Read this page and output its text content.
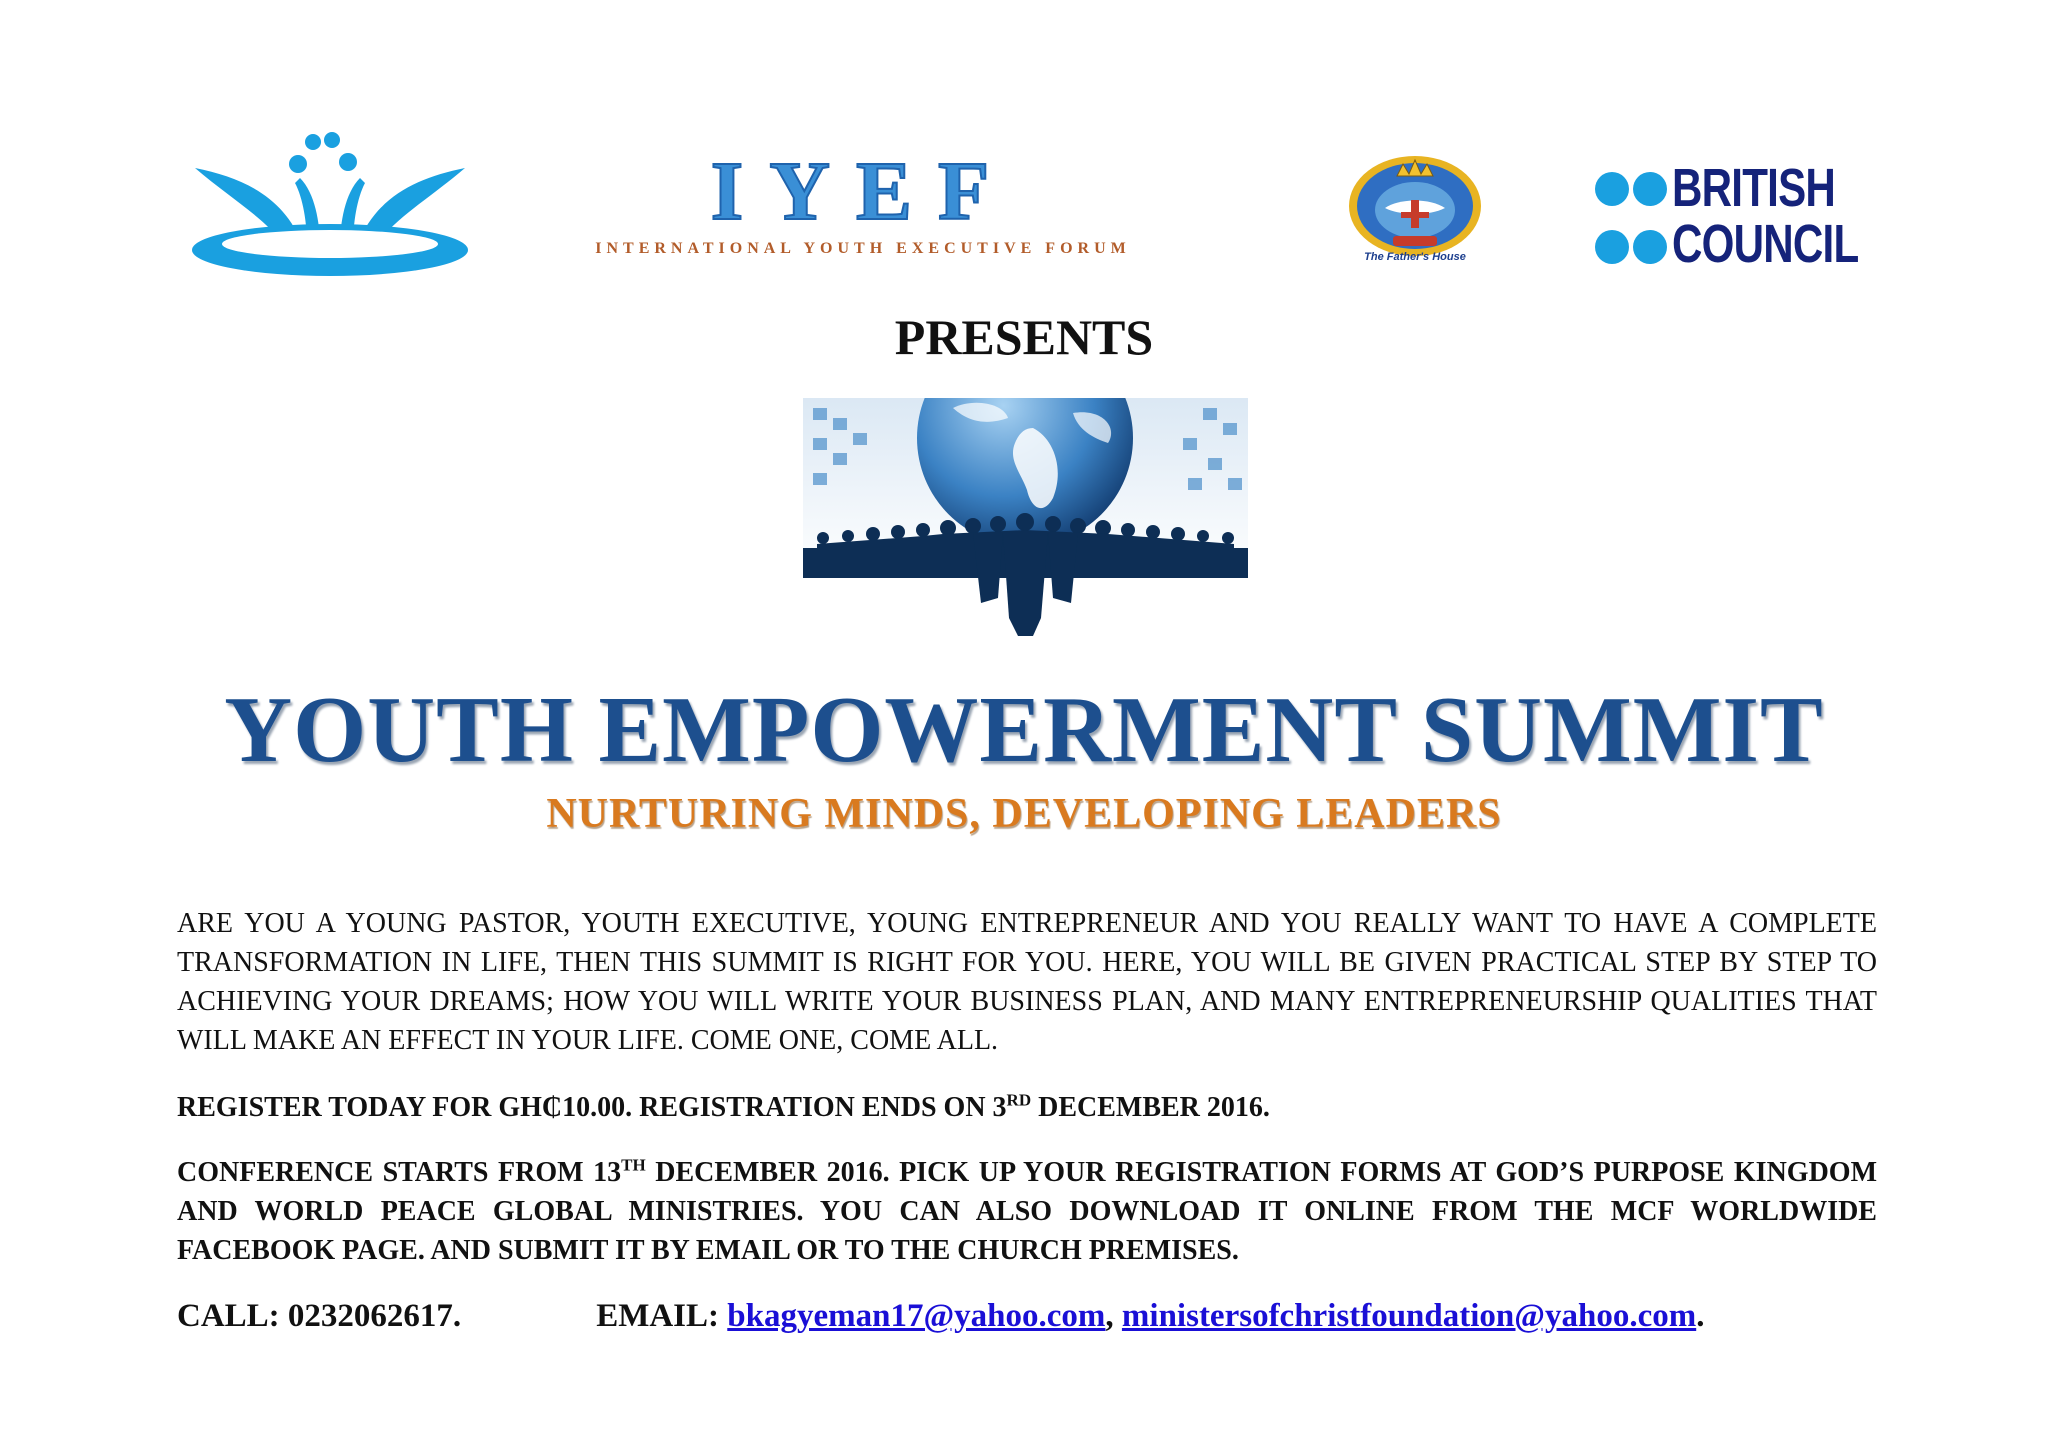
IYEF
INTERNATIONAL YOUTH EXECUTIVE FORUM	The Father's House
BRITISH
COUNCIL
PRESENTS
YOUTH EMPOWERMENT SUMMIT
NURTURING MINDS, DEVELOPING LEADERS

ARE YOU A YOUNG PASTOR, YOUTH EXECUTIVE, YOUNG ENTREPRENEUR AND YOU REALLY WANT TO HAVE A COMPLETE TRANSFORMATION IN LIFE, THEN THIS SUMMIT IS RIGHT FOR YOU. HERE, YOU WILL BE GIVEN PRACTICAL STEP BY STEP TO ACHIEVING YOUR DREAMS; HOW YOU WILL WRITE YOUR BUSINESS PLAN, AND MANY ENTREPRENEURSHIP QUALITIES THAT WILL MAKE AN EFFECT IN YOUR LIFE. COME ONE, COME ALL.

REGISTER TODAY FOR GH₵10.00. REGISTRATION ENDS ON 3RD DECEMBER 2016.

CONFERENCE STARTS FROM 13TH DECEMBER 2016. PICK UP YOUR REGISTRATION FORMS AT GOD’S PURPOSE KINGDOM AND WORLD PEACE GLOBAL MINISTRIES. YOU CAN ALSO DOWNLOAD IT ONLINE FROM THE MCF WORLDWIDE FACEBOOK PAGE. AND SUBMIT IT BY EMAIL OR TO THE CHURCH PREMISES.

CALL: 0232062617.	EMAIL: bkagyeman17@yahoo.com, ministersofchristfoundation@yahoo.com.
